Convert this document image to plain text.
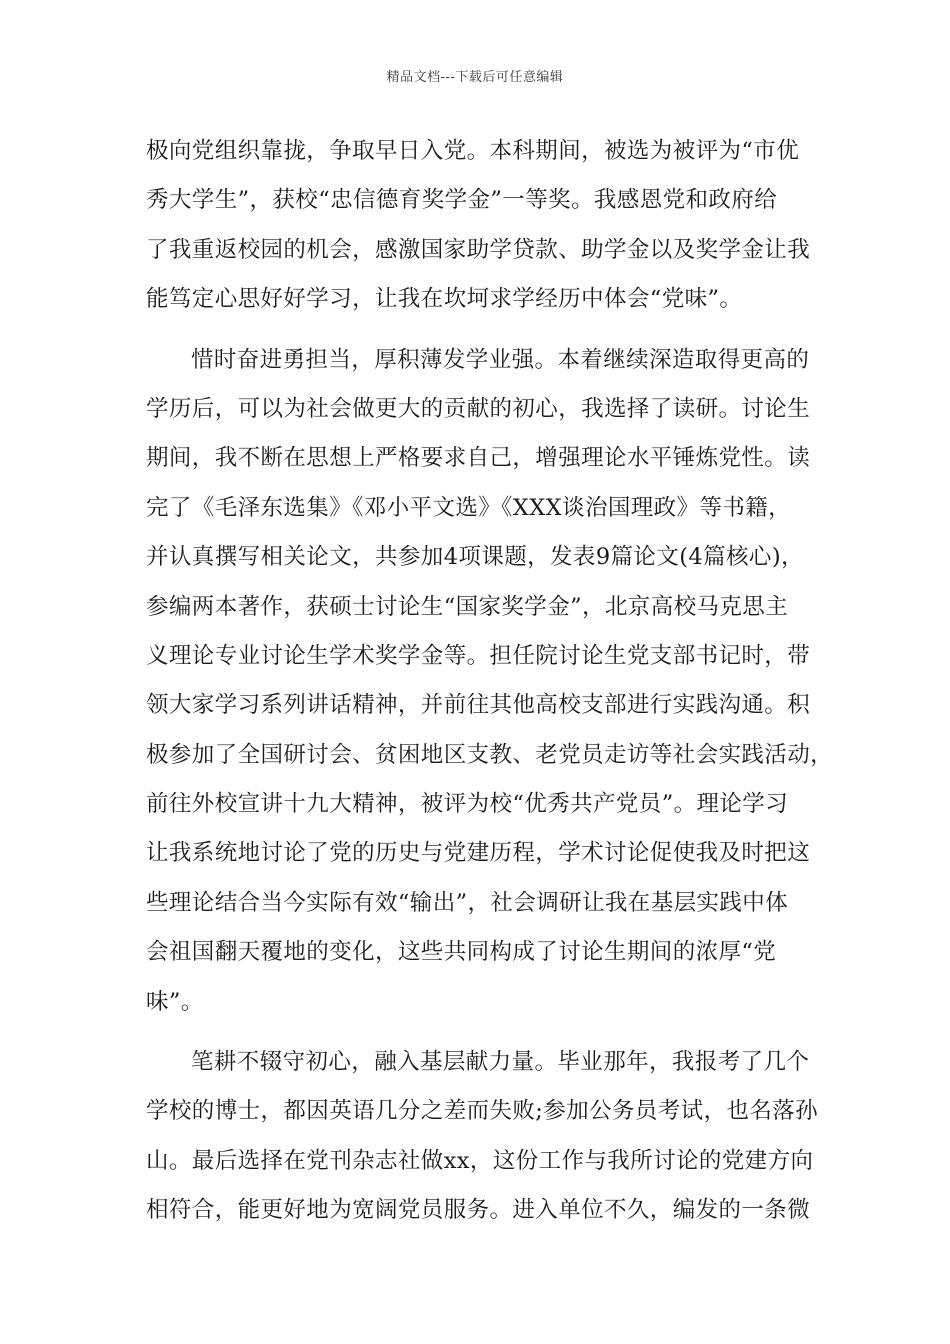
精品文档---下载后可任意编辑
极向党组织靠拢，争取早日入党。本科期间，被选为被评为“市优
秀大学生”，获校“忠信德育奖学金”一等奖。我感恩党和政府给
了我重返校园的机会，感激国家助学贷款、助学金以及奖学金让我
能笃定心思好好学习，让我在坎坷求学经历中体会“党味”。
惜时奋进勇担当，厚积薄发学业强。本着继续深造取得更高的
学历后，可以为社会做更大的贡献的初心，我选择了读研。讨论生
期间，我不断在思想上严格要求自己，增强理论水平锤炼党性。读
完了《毛泽东选集》《邓小平文选》《XXX谈治国理政》等书籍，
并认真撰写相关论文，共参加4项课题，发表9篇论文(4篇核心)，
参编两本著作，获硕士讨论生“国家奖学金”，北京高校马克思主
义理论专业讨论生学术奖学金等。担任院讨论生党支部书记时，带
领大家学习系列讲话精神，并前往其他高校支部进行实践沟通。积
极参加了全国研讨会、贫困地区支教、老党员走访等社会实践活动，
前往外校宣讲十九大精神，被评为校“优秀共产党员”。理论学习
让我系统地讨论了党的历史与党建历程，学术讨论促使我及时把这
些理论结合当今实际有效“输出”，社会调研让我在基层实践中体
会祖国翻天覆地的变化，这些共同构成了讨论生期间的浓厚“党
味”。
笔耕不辍守初心，融入基层献力量。毕业那年，我报考了几个
学校的博士，都因英语几分之差而失败;参加公务员考试，也名落孙
山。最后选择在党刊杂志社做xx，这份工作与我所讨论的党建方向
相符合，能更好地为宽阔党员服务。进入单位不久，编发的一条微
